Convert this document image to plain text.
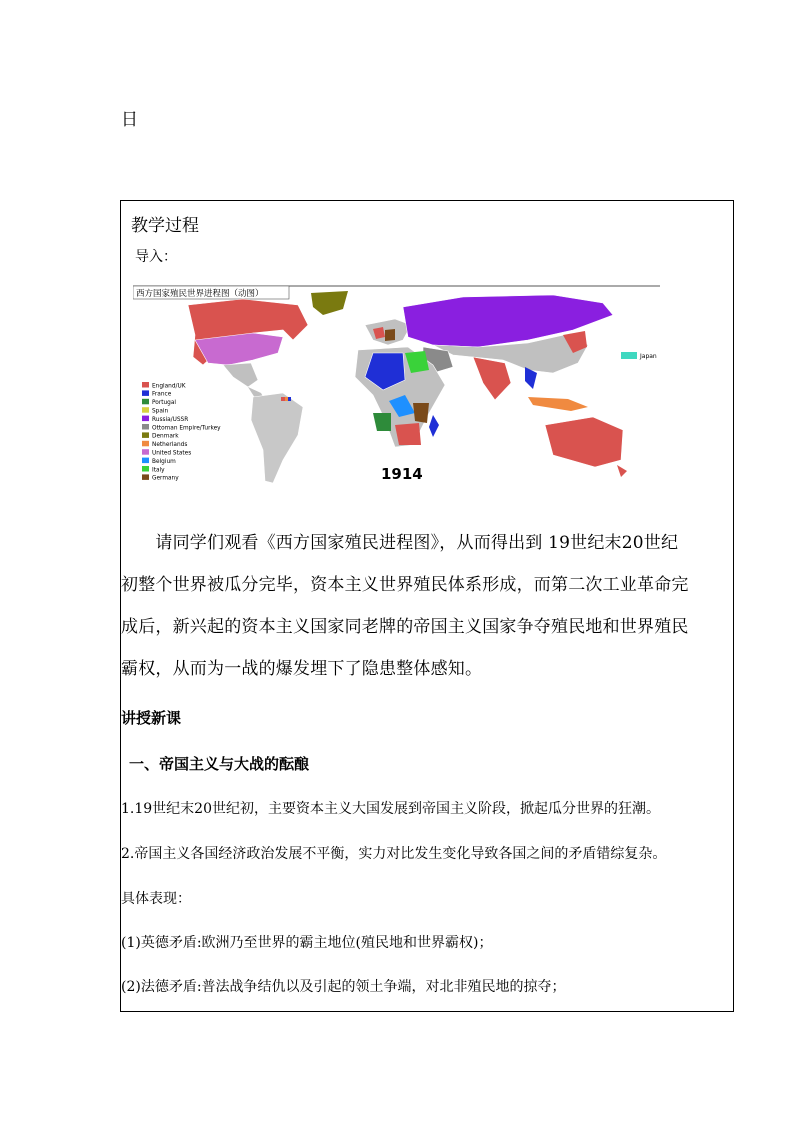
日
教学过程
导入：
西方国家殖民世界进程图（动图）
Japan
England/UK
France
Portugal
Spain
Russia/USSR
Ottoman Empire/Turkey
Denmark
Netherlands
United States
Belgium
Italy
Germany	1914
　　请同学们观看《西方国家殖民进程图》，从而得出到 19世纪末20世纪
初整个世界被瓜分完毕，资本主义世界殖民体系形成，而第二次工业革命完
成后，新兴起的资本主义国家同老牌的帝国主义国家争夺殖民地和世界殖民
霸权，从而为一战的爆发埋下了隐患整体感知。
讲授新课
一、帝国主义与大战的酝酿
1.19世纪末20世纪初，主要资本主义大国发展到帝国主义阶段，掀起瓜分世界的狂潮。
2.帝国主义各国经济政治发展不平衡，实力对比发生变化导致各国之间的矛盾错综复杂。
具体表现：
(1)英德矛盾:欧洲乃至世界的霸主地位(殖民地和世界霸权)；
(2)法德矛盾:普法战争结仇以及引起的领土争端，对北非殖民地的掠夺；
